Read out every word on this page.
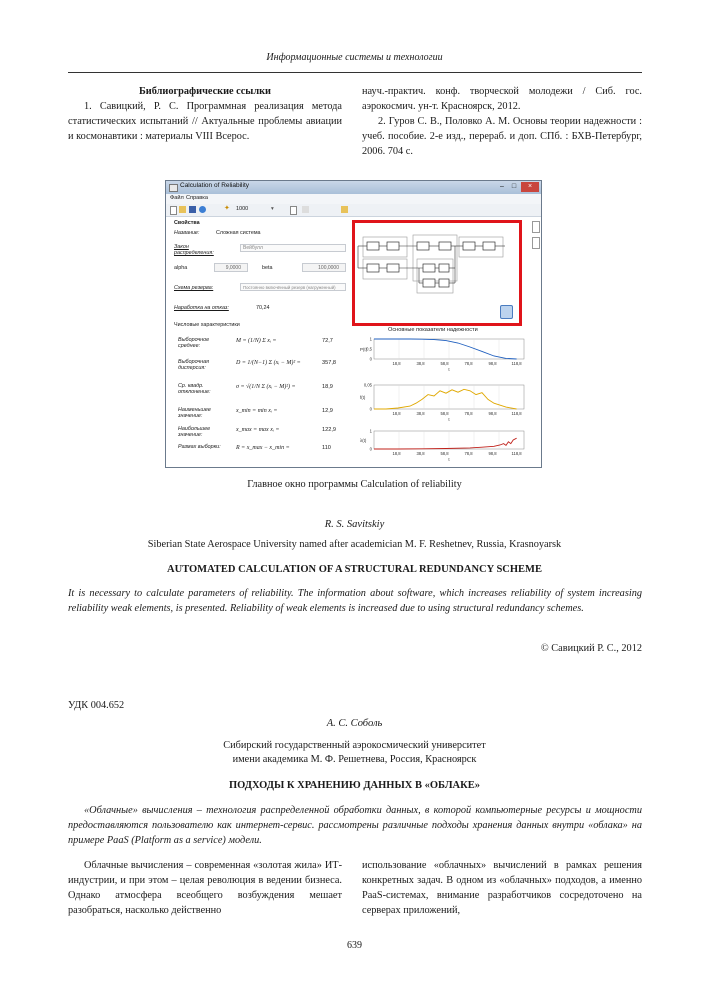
Информационные системы и технологии

Библиографические ссылки

1. Савицкий, Р. С. Программная реализация метода статистических испытаний // Актуальные проблемы авиации и космонавтики : материалы VIII Всерос.

науч.-практич. конф. творческой молодежи / Сиб. гос. аэрокосмич. ун-т. Красноярск, 2012.

2. Гуров С. В., Половко А. М. Основы теории надежности : учеб. пособие. 2-е изд., перераб. и доп. СПб. : БХВ-Петербург, 2006. 704 с.

Calculation of Reliability	–	□	×
Файл Справка
✦ 1000	▾
Свойства
Название:	Сложная система
Закон распределения:
Вейбулл
alpha	9,0000	beta	100,0000
Схема резерва:	Постоянно включённый резерв (нагруженный)
Наработка на отказ:	70,24
Числовые характеристики
Выборочное среднее:
M = (1/N) Σ xᵢ =	72,7
Выборочная дисперсия:
D = 1/(N−1) Σ (xᵢ − M)² =	357,8
Ср. квадр. отклонение:
σ = √(1/N Σ (xᵢ − M)²) =	18,9
Наименьшее значение:
x_min = min xᵢ =	12,9
Наибольшее значение:
x_max = max xᵢ =	122,9
Размах выборки:	R = x_max − x_min =	110
Основные показатели надежности
0
0,5
1
18,8	38,8	58,8	78,8	98,8	118,8
P(t)
t
0
0,05
18,8	38,8	58,8	78,8	98,8	118,8
f(t)
t
0
1
18,8	38,8	58,8	78,8	98,8	118,8
λ(t)
t
Главное окно программы Calculation of reliability
R. S. Savitskiy
Siberian State Aerospace University named after academician M. F. Reshetnev, Russia, Krasnoyarsk
AUTOMATED CALCULATION OF A STRUCTURAL REDUNDANCY SCHEME
It is necessary to calculate parameters of reliability. The information about software, which increases reliability of system increasing reliability weak elements, is presented. Reliability of weak elements is increased due to using structural redundancy schemes.
© Савицкий Р. С., 2012
УДК 004.652
А. С. Соболь
Сибирский государственный аэрокосмический университет
имени академика М. Ф. Решетнева, Россия, Красноярск
ПОДХОДЫ К ХРАНЕНИЮ ДАННЫХ В «ОБЛАКЕ»

«Облачные» вычисления – технология распределенной обработки данных, в которой компьютерные ресурсы и мощности предоставляются пользователю как интернет-сервис. рассмотрены различные подходы хранения данных внутри «облака» на примере PaaS (Platform as a service) модели.

Облачные вычисления – современная «золотая жила» ИТ-индустрии, и при этом – целая революция в ведении бизнеса. Однако атмосфера всеобщего возбуждения мешает разобраться, насколько действенно

использование «облачных» вычислений в рамках решения конкретных задач. В одном из «облачных» подходов, а именно PaaS-системах, внимание разработчиков сосредоточено на серверах приложений,

639
